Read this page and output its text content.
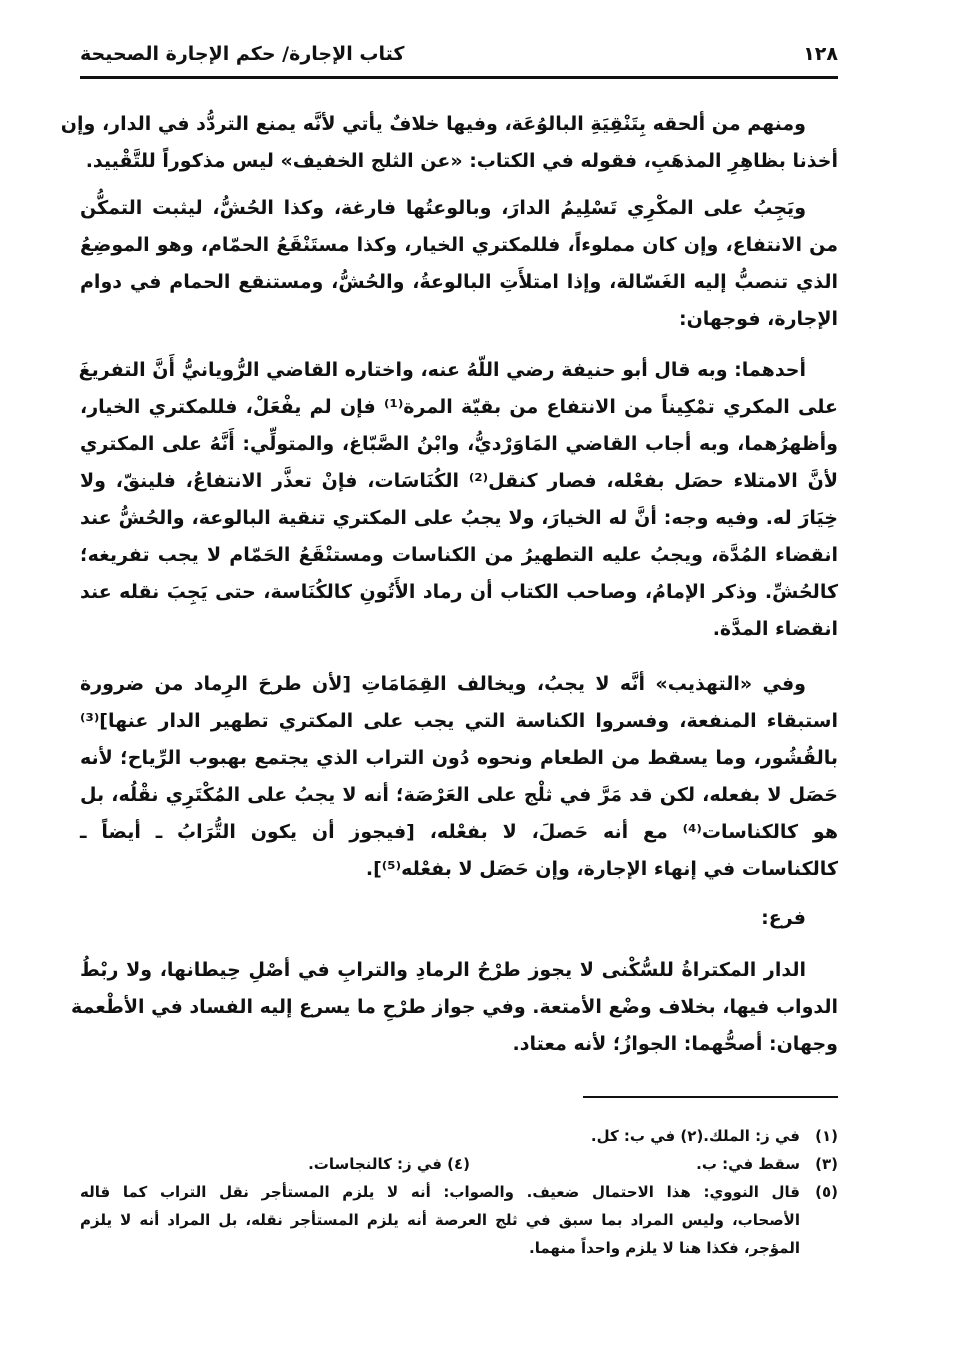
١٢٨
كتاب الإجارة/ حكم الإجارة الصحيحة
ومنهم من ألحقه بِتَنْقِيَةِ البالوُعَة، وفيها خلافٌ يأتي لأنَّه يمنع التردُّد في الدار، وإن
أخذنا بظاهِرِ المذهَبِ، فقوله في الكتاب: «عن الثلج الخفيف» ليس مذكوراً للتَّقْييد.
ويَجِبُ على المكْرِي تَسْلِيمُ الدارَ، وبالوعتُها فارغة، وكذا الحُشُّ، ليثبت التمكُّن
من الانتفاع، وإن كان مملوءاً، فللمكتري الخيار، وكذا مستَنْقَعُ الحمّام، وهو الموضِعُ
الذي تنصبُّ إليه الغَسّالة، وإذا امتلأَتِ البالوعةُ، والحُشُّ، ومستنقع الحمام في دوام
الإجارة، فوجهان:
أحدهما: وبه قال أبو حنيفة رضي اللّهُ عنه، واختاره القاضي الرُّويانيُّ أَنَّ التفريغَ
على المكري تمْكِيناً من الانتفاع من بقيّة المرة⁽¹⁾ فإن لم يفْعَلْ، فللمكتري الخيار،
وأظهرُهما، وبه أجاب القاضي المَاوَرْديُّ، وابْنُ الصَّبّاغ، والمتولِّي: أَنَّهُ على المكتري
لأنَّ الامتلاء حصَل بفعْله، فصار كنقل⁽²⁾ الكُنَاسَات، فإنْ تعذَّر الانتفاعُ، فلينقّ، ولا
خِيَارَ له. وفيه وجه: أنَّ له الخيارَ، ولا يجبُ على المكتري تنقية البالوعة، والحُشُّ عند
انقضاء المُدَّة، ويجبُ عليه التطهيرُ من الكناسات ومستنْقَعُ الحَمّام لا يجب تفريغه؛
كالحُشِّ. وذكر الإمامُ، وصاحب الكتاب أن رماد الأَتُونِ كالكُنَاسة، حتى يَجِبَ نقله عند
انقضاء المدَّة.
وفي «التهذيب» أنَّه لا يجبُ، ويخالف القِمَامَاتِ [لأن طرحَ الرِماد من ضرورة
استبقاء المنفعة، وفسروا الكناسة التي يجب على المكتري تطهير الدار عنها]⁽³⁾
بالقُشُور، وما يسقط من الطعام ونحوه دُون التراب الذي يجتمع بهبوب الرِّياح؛ لأنه
حَصَل لا بفعله، لكن قد مَرَّ في ثلْج على العَرْصَة؛ أنه لا يجبُ على المُكْتَرِي نقْلُه، بل
هو كالكناسات⁽⁴⁾ مع أنه حَصلَ، لا بفعْله، [فيجوز أن يكون التُّرَابُ ـ أيضاً ـ
كالكناسات في إنهاء الإجارة، وإن حَصَل لا بفعْله⁽⁵⁾].
فرع:
الدار المكتراةُ للسُّكْنى لا يجوز طرْحُ الرمادِ والترابِ في أصْلِ حِيطانها، ولا ربْطُ
الدواب فيها، بخلاف وضْع الأمتعة. وفي جواز طرْحِ ما يسرع إليه الفساد في الأطْعمة
وجهان: أصحُّهما: الجوازُ؛ لأنه معتاد.
(١)في ز: الملك.(٢) في ب: كل.
(٣)سقط في: ب.(٤) في ز: كالنجاسات.
(٥)
قال النووي: هذا الاحتمال ضعيف. والصواب: أنه لا يلزم المستأجر نقل التراب كما قاله
الأصحاب، وليس المراد بما سبق في ثلج العرصة أنه يلزم المستأجر نقله، بل المراد أنه لا يلزم
المؤجر، فكذا هنا لا يلزم واحداً منهما.
